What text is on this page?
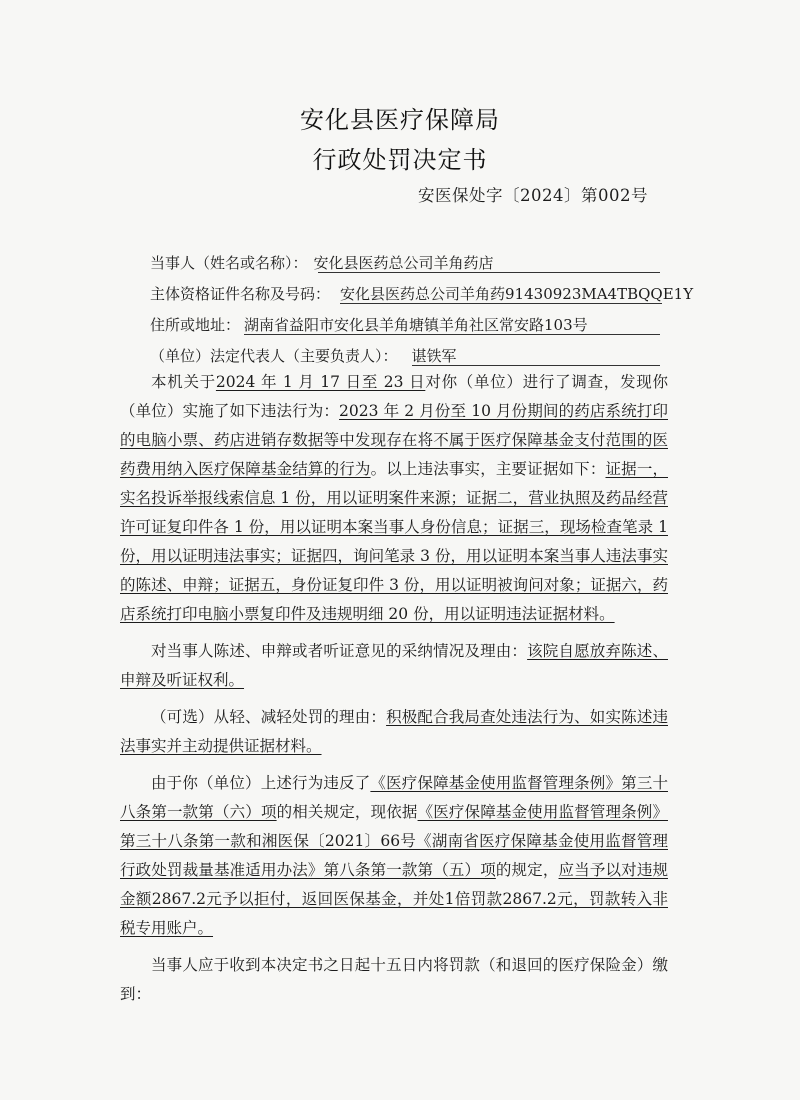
安化县医疗保障局
行政处罚决定书
安医保处字〔2024〕第002号
当事人（姓名或名称）： 安化县医药总公司羊角药店
主体资格证件名称及号码： 安化县医药总公司羊角药91430923MA4TBQQE1Y
住所或地址： 湖南省益阳市安化县羊角塘镇羊角社区常安路103号
（单位）法定代表人（主要负责人）： 谌铁军

本机关于2024 年 1 月 17 日至 23 日对你（单位）进行了调查，发现你（单位）实施了如下违法行为：2023 年 2 月份至 10 月份期间的药店系统打印的电脑小票、药店进销存数据等中发现存在将不属于医疗保障基金支付范围的医药费用纳入医疗保障基金结算的行为。以上违法事实，主要证据如下：证据一，实名投诉举报线索信息 1 份，用以证明案件来源；证据二，营业执照及药品经营许可证复印件各 1 份，用以证明本案当事人身份信息；证据三，现场检查笔录 1 份，用以证明违法事实；证据四，询问笔录 3 份，用以证明本案当事人违法事实的陈述、申辩；证据五，身份证复印件 3 份，用以证明被询问对象；证据六，药店系统打印电脑小票复印件及违规明细 20 份，用以证明违法证据材料。

对当事人陈述、申辩或者听证意见的采纳情况及理由：该院自愿放弃陈述、申辩及听证权利。

（可选）从轻、减轻处罚的理由：积极配合我局查处违法行为、如实陈述违法事实并主动提供证据材料。

由于你（单位）上述行为违反了《医疗保障基金使用监督管理条例》第三十八条第一款第（六）项的相关规定，现依据《医疗保障基金使用监督管理条例》第三十八条第一款和湘医保〔2021〕66号《湖南省医疗保障基金使用监督管理行政处罚裁量基准适用办法》第八条第一款第（五）项的规定，应当予以对违规金额2867.2元予以拒付，返回医保基金，并处1倍罚款2867.2元，罚款转入非税专用账户。

当事人应于收到本决定书之日起十五日内将罚款（和退回的医疗保险金）缴到：
